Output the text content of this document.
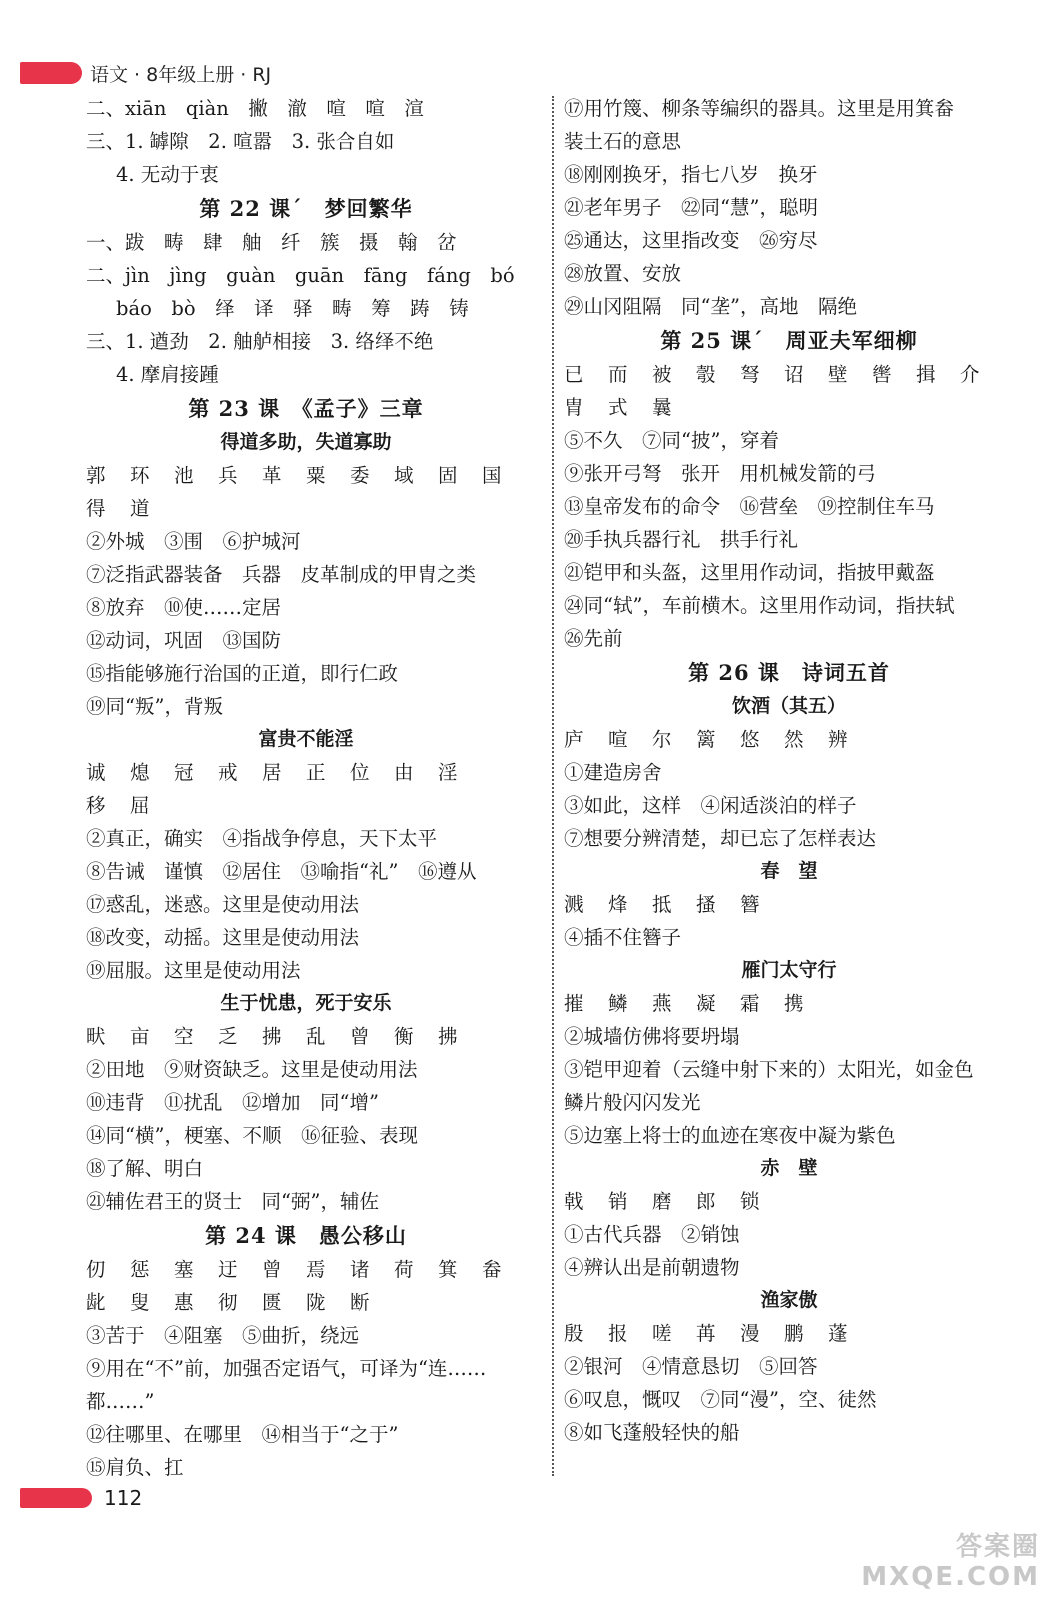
语文 · 8年级上册 · RJ
二、xiān　qiàn　撇　澈　喧　喧　渲
三、1. 罅隙　2. 喧嚣　3. 张合自如
4. 无动于衷
第 22 课ˊ　梦回繁华
一、跋　畴　肆　舳　纤　簇　摄　翰　岔
二、jìn　jìng　guàn　guān　fāng　fáng　bó
báo　bò　绎　译　驿　畴　筹　踌　铸
三、1. 遒劲　2. 舳舻相接　3. 络绎不绝
4. 摩肩接踵
第 23 课　《孟子》三章
得道多助，失道寡助
郭	环	池	兵	革	粟	委	域	固	国
得	道
②外城　③围　⑥护城河
⑦泛指武器装备　兵器　皮革制成的甲胄之类
⑧放弃　⑩使……定居
⑫动词，巩固　⑬国防
⑮指能够施行治国的正道，即行仁政
⑲同“叛”，背叛
富贵不能淫
诚	熄	冠	戒	居	正	位	由	淫
移	屈
②真正，确实　④指战争停息，天下太平
⑧告诫　谨慎　⑫居住　⑬喻指“礼”　⑯遵从
⑰惑乱，迷惑。这里是使动用法
⑱改变，动摇。这里是使动用法
⑲屈服。这里是使动用法
生于忧患，死于安乐
畎	亩	空	乏	拂	乱	曾	衡	拂
②田地　⑨财资缺乏。这里是使动用法
⑩违背　⑪扰乱　⑫增加　同“增”
⑭同“横”，梗塞、不顺　⑯征验、表现
⑱了解、明白
㉑辅佐君王的贤士　同“弼”，辅佐
第 24 课　愚公移山
仞	惩	塞	迂	曾	焉	诸	荷	箕	畚
龀	叟	惠	彻	匮	陇	断
③苦于　④阻塞　⑤曲折，绕远
⑨用在“不”前，加强否定语气，可译为“连……
都……”
⑫往哪里、在哪里　⑭相当于“之于”
⑮肩负、扛
⑰用竹篾、柳条等编织的器具。这里是用箕畚
装土石的意思
⑱刚刚换牙，指七八岁　换牙
㉑老年男子　㉒同“慧”，聪明
㉕通达，这里指改变　㉖穷尽
㉘放置、安放
㉙山冈阻隔　同“垄”，高地　隔绝
第 25 课ˊ　周亚夫军细柳
已	而	被	彀	弩	诏	壁	辔	揖	介
胄	式	曩
⑤不久　⑦同“披”，穿着
⑨张开弓弩　张开　用机械发箭的弓
⑬皇帝发布的命令　⑯营垒　⑲控制住车马
⑳手执兵器行礼　拱手行礼
㉑铠甲和头盔，这里用作动词，指披甲戴盔
㉔同“轼”，车前横木。这里用作动词，指扶轼
㉖先前
第 26 课　诗词五首
饮酒（其五）
庐	喧	尔	篱	悠	然	辨
①建造房舍
③如此，这样　④闲适淡泊的样子
⑦想要分辨清楚，却已忘了怎样表达
春　望
溅	烽	抵	搔	簪
④插不住簪子
雁门太守行
摧	鳞	燕	凝	霜	携
②城墙仿佛将要坍塌
③铠甲迎着（云缝中射下来的）太阳光，如金色
鳞片般闪闪发光
⑤边塞上将士的血迹在寒夜中凝为紫色
赤　壁
戟	销	磨	郎	锁
①古代兵器　②销蚀
④辨认出是前朝遗物
渔家傲
殷	报	嗟	苒	漫	鹏	蓬
②银河　④情意恳切　⑤回答
⑥叹息，慨叹　⑦同“漫”，空、徒然
⑧如飞蓬般轻快的船
112
答案圈
MXQE.COM
